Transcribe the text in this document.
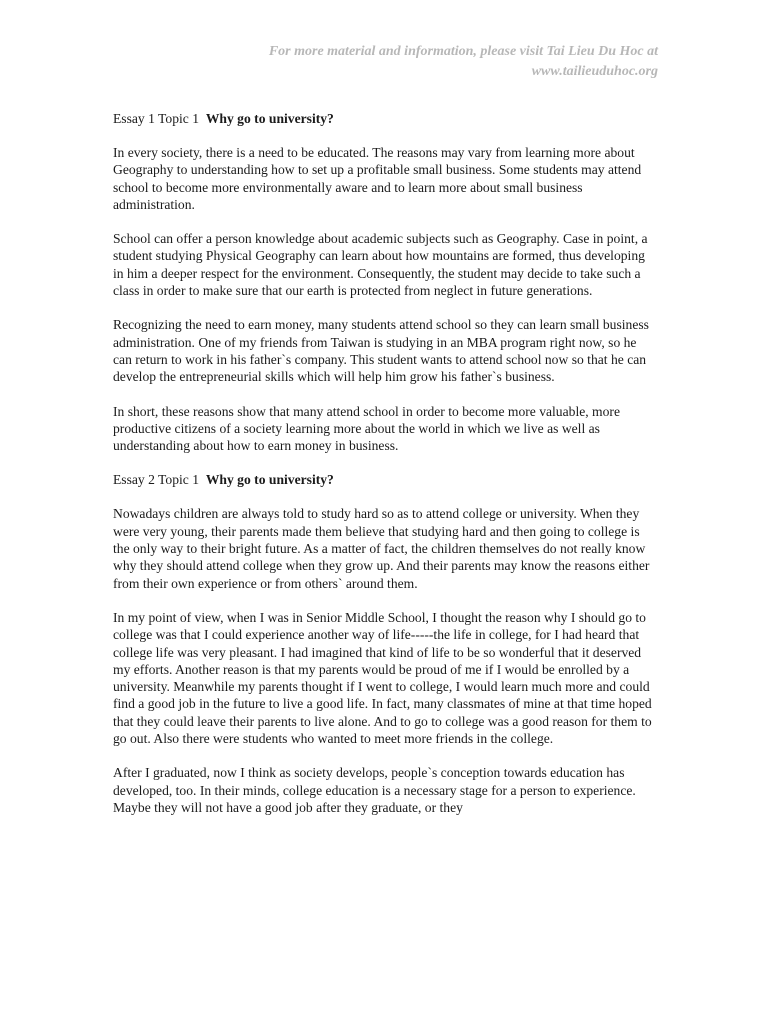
For more material and information, please visit Tai Lieu Du Hoc at
www.tailieuduhoc.org
Essay 1 Topic 1 Why go to university?

In every society, there is a need to be educated. The reasons may vary from learning more about Geography to understanding how to set up a profitable small business. Some students may attend school to become more environmentally aware and to learn more about small business administration.

School can offer a person knowledge about academic subjects such as Geography. Case in point, a student studying Physical Geography can learn about how mountains are formed, thus developing in him a deeper respect for the environment. Consequently, the student may decide to take such a class in order to make sure that our earth is protected from neglect in future generations.

Recognizing the need to earn money, many students attend school so they can learn small business administration. One of my friends from Taiwan is studying in an MBA program right now, so he can return to work in his father`s company. This student wants to attend school now so that he can develop the entrepreneurial skills which will help him grow his father`s business.

In short, these reasons show that many attend school in order to become more valuable, more productive citizens of a society learning more about the world in which we live as well as understanding about how to earn money in business.

Essay 2 Topic 1 Why go to university?

Nowadays children are always told to study hard so as to attend college or university. When they were very young, their parents made them believe that studying hard and then going to college is the only way to their bright future. As a matter of fact, the children themselves do not really know why they should attend college when they grow up. And their parents may know the reasons either from their own experience or from others` around them.

In my point of view, when I was in Senior Middle School, I thought the reason why I should go to college was that I could experience another way of life-----the life in college, for I had heard that college life was very pleasant. I had imagined that kind of life to be so wonderful that it deserved my efforts. Another reason is that my parents would be proud of me if I would be enrolled by a university. Meanwhile my parents thought if I went to college, I would learn much more and could find a good job in the future to live a good life. In fact, many classmates of mine at that time hoped that they could leave their parents to live alone. And to go to college was a good reason for them to go out. Also there were students who wanted to meet more friends in the college.

After I graduated, now I think as society develops, people`s conception towards education has developed, too. In their minds, college education is a necessary stage for a person to experience. Maybe they will not have a good job after they graduate, or they
